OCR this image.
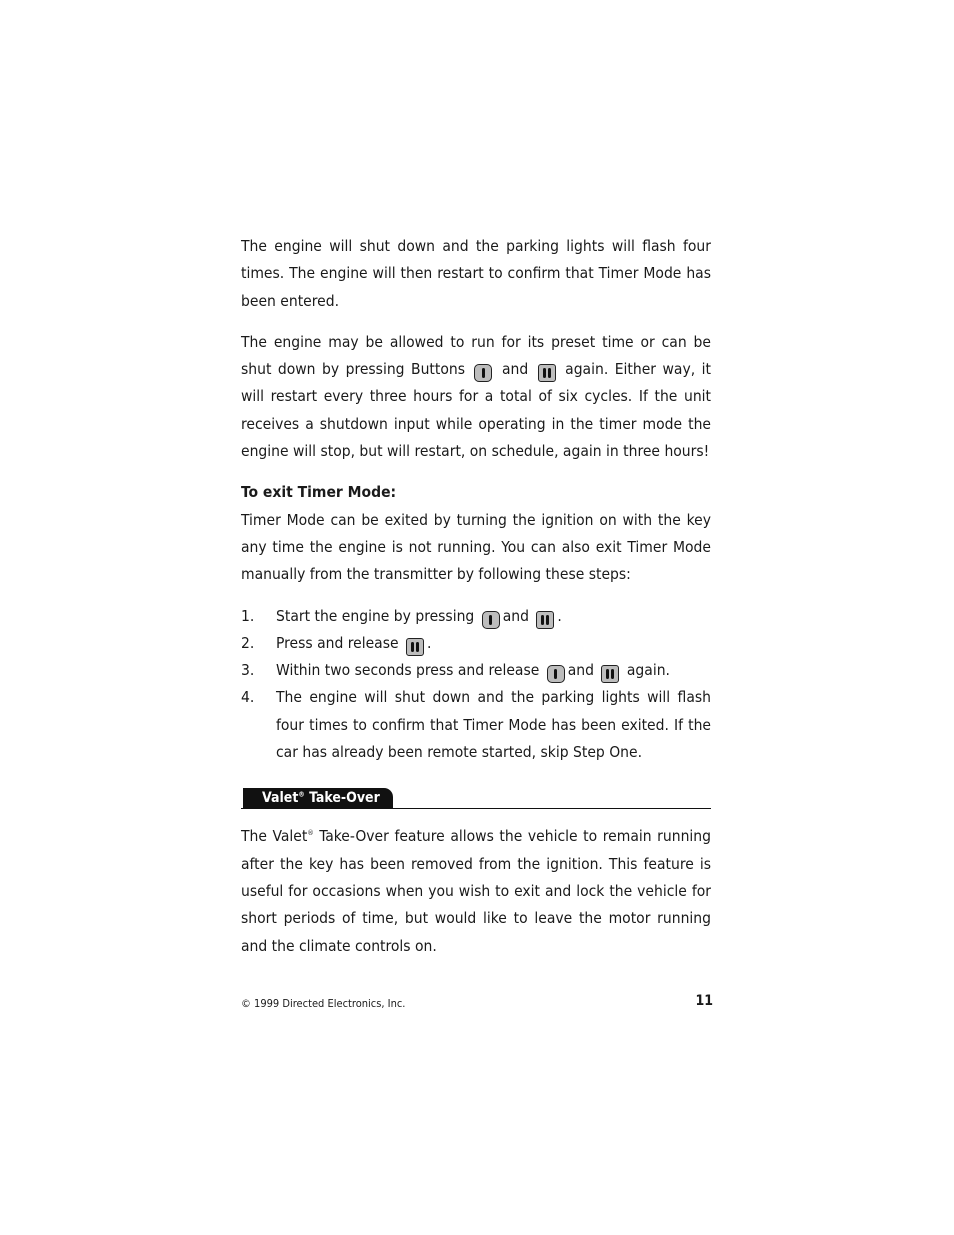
The engine will shut down and the parking lights will flash four times. The engine will then restart to confirm that Timer Mode has been entered.

The engine may be allowed to run for its preset time or can be shut down by pressing Buttons and again. Either way, it will restart every three hours for a total of six cycles. If the unit receives a shutdown input while operating in the timer mode the engine will stop, but will restart, on schedule, again in three hours!

To exit Timer Mode:

Timer Mode can be exited by turning the ignition on with the key any time the engine is not running. You can also exit Timer Mode manually from the transmitter by following these steps:

1. Start the engine by pressing and .
2. Press and release .
3. Within two seconds press and release and again.
4. The engine will shut down and the parking lights will flash four times to confirm that Timer Mode has been exited. If the car has already been remote started, skip Step One.
Valet® Take-Over

The Valet® Take-Over feature allows the vehicle to remain running after the key has been removed from the ignition. This feature is useful for occasions when you wish to exit and lock the vehicle for short periods of time, but would like to leave the motor running and the climate controls on.

© 1999 Directed Electronics, Inc.	11
